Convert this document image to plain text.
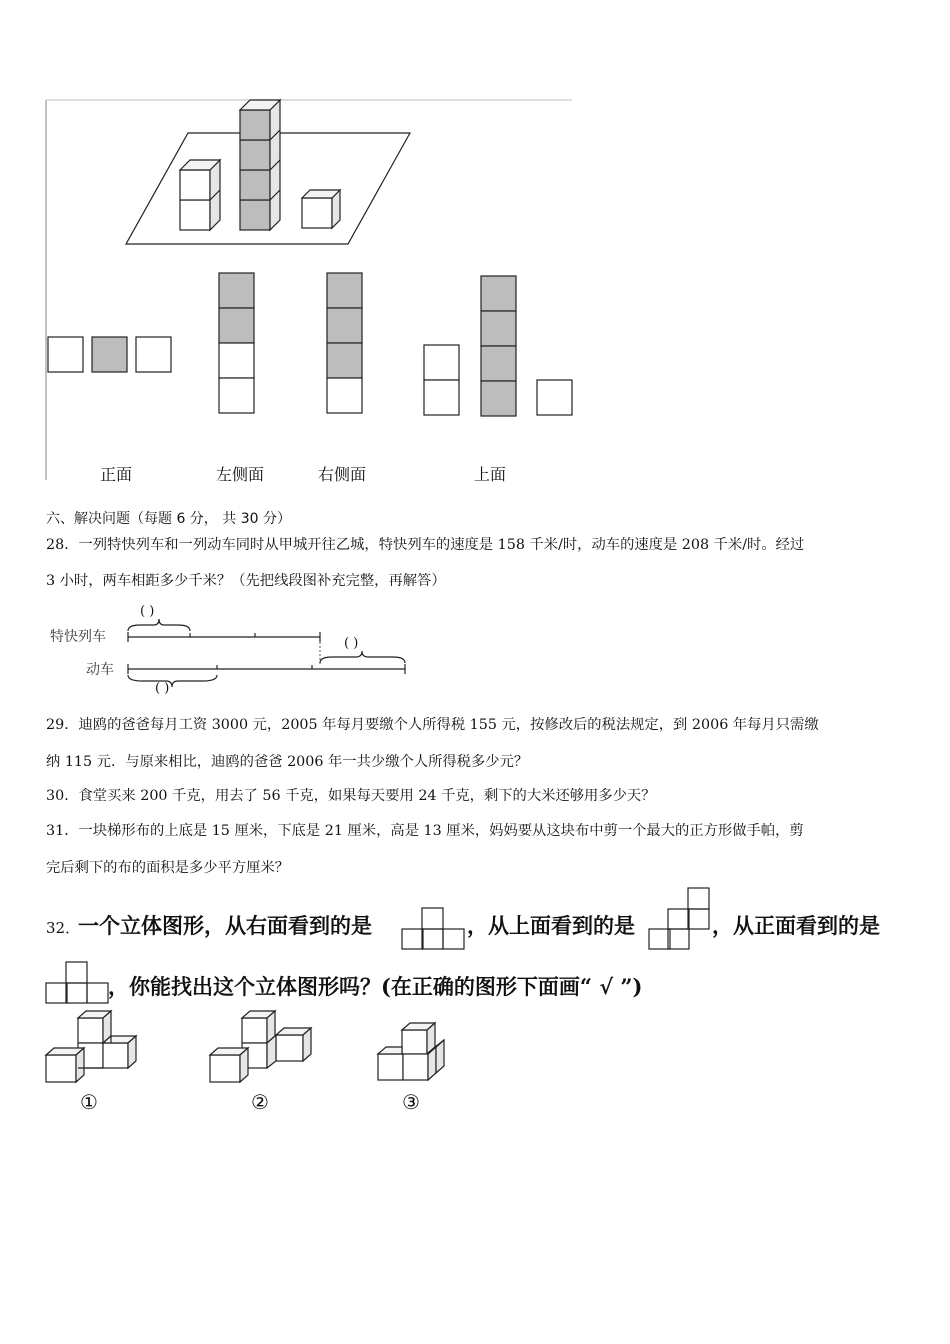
正面	左侧面	右侧面	上面
六、解决问题（每题 6 分， 共 30 分）
28．一列特快列车和一列动车同时从甲城开往乙城，特快列车的速度是 158 千米/时，动车的速度是 208 千米/时。经过
3 小时，两车相距多少千米？（先把线段图补充完整，再解答）
特快列车
动车
( )
( )
( )
29．迪鸥的爸爸每月工资 3000 元，2005 年每月要缴个人所得税 155 元，按修改后的税法规定，到 2006 年每月只需缴
纳 115 元．与原来相比，迪鸥的爸爸 2006 年一共少缴个人所得税多少元？
30．食堂买来 200 千克，用去了 56 千克，如果每天要用 24 千克，剩下的大米还够用多少天？
31．一块梯形布的上底是 15 厘米，下底是 21 厘米，高是 13 厘米，妈妈要从这块布中剪一个最大的正方形做手帕，剪
完后剩下的布的面积是多少平方厘米？
32．
一个立体图形，从右面看到的是	，从上面看到的是	，从正面看到的是
，你能找出这个立体图形吗？(在正确的图形下面画“ √ ”)
①	②	③
